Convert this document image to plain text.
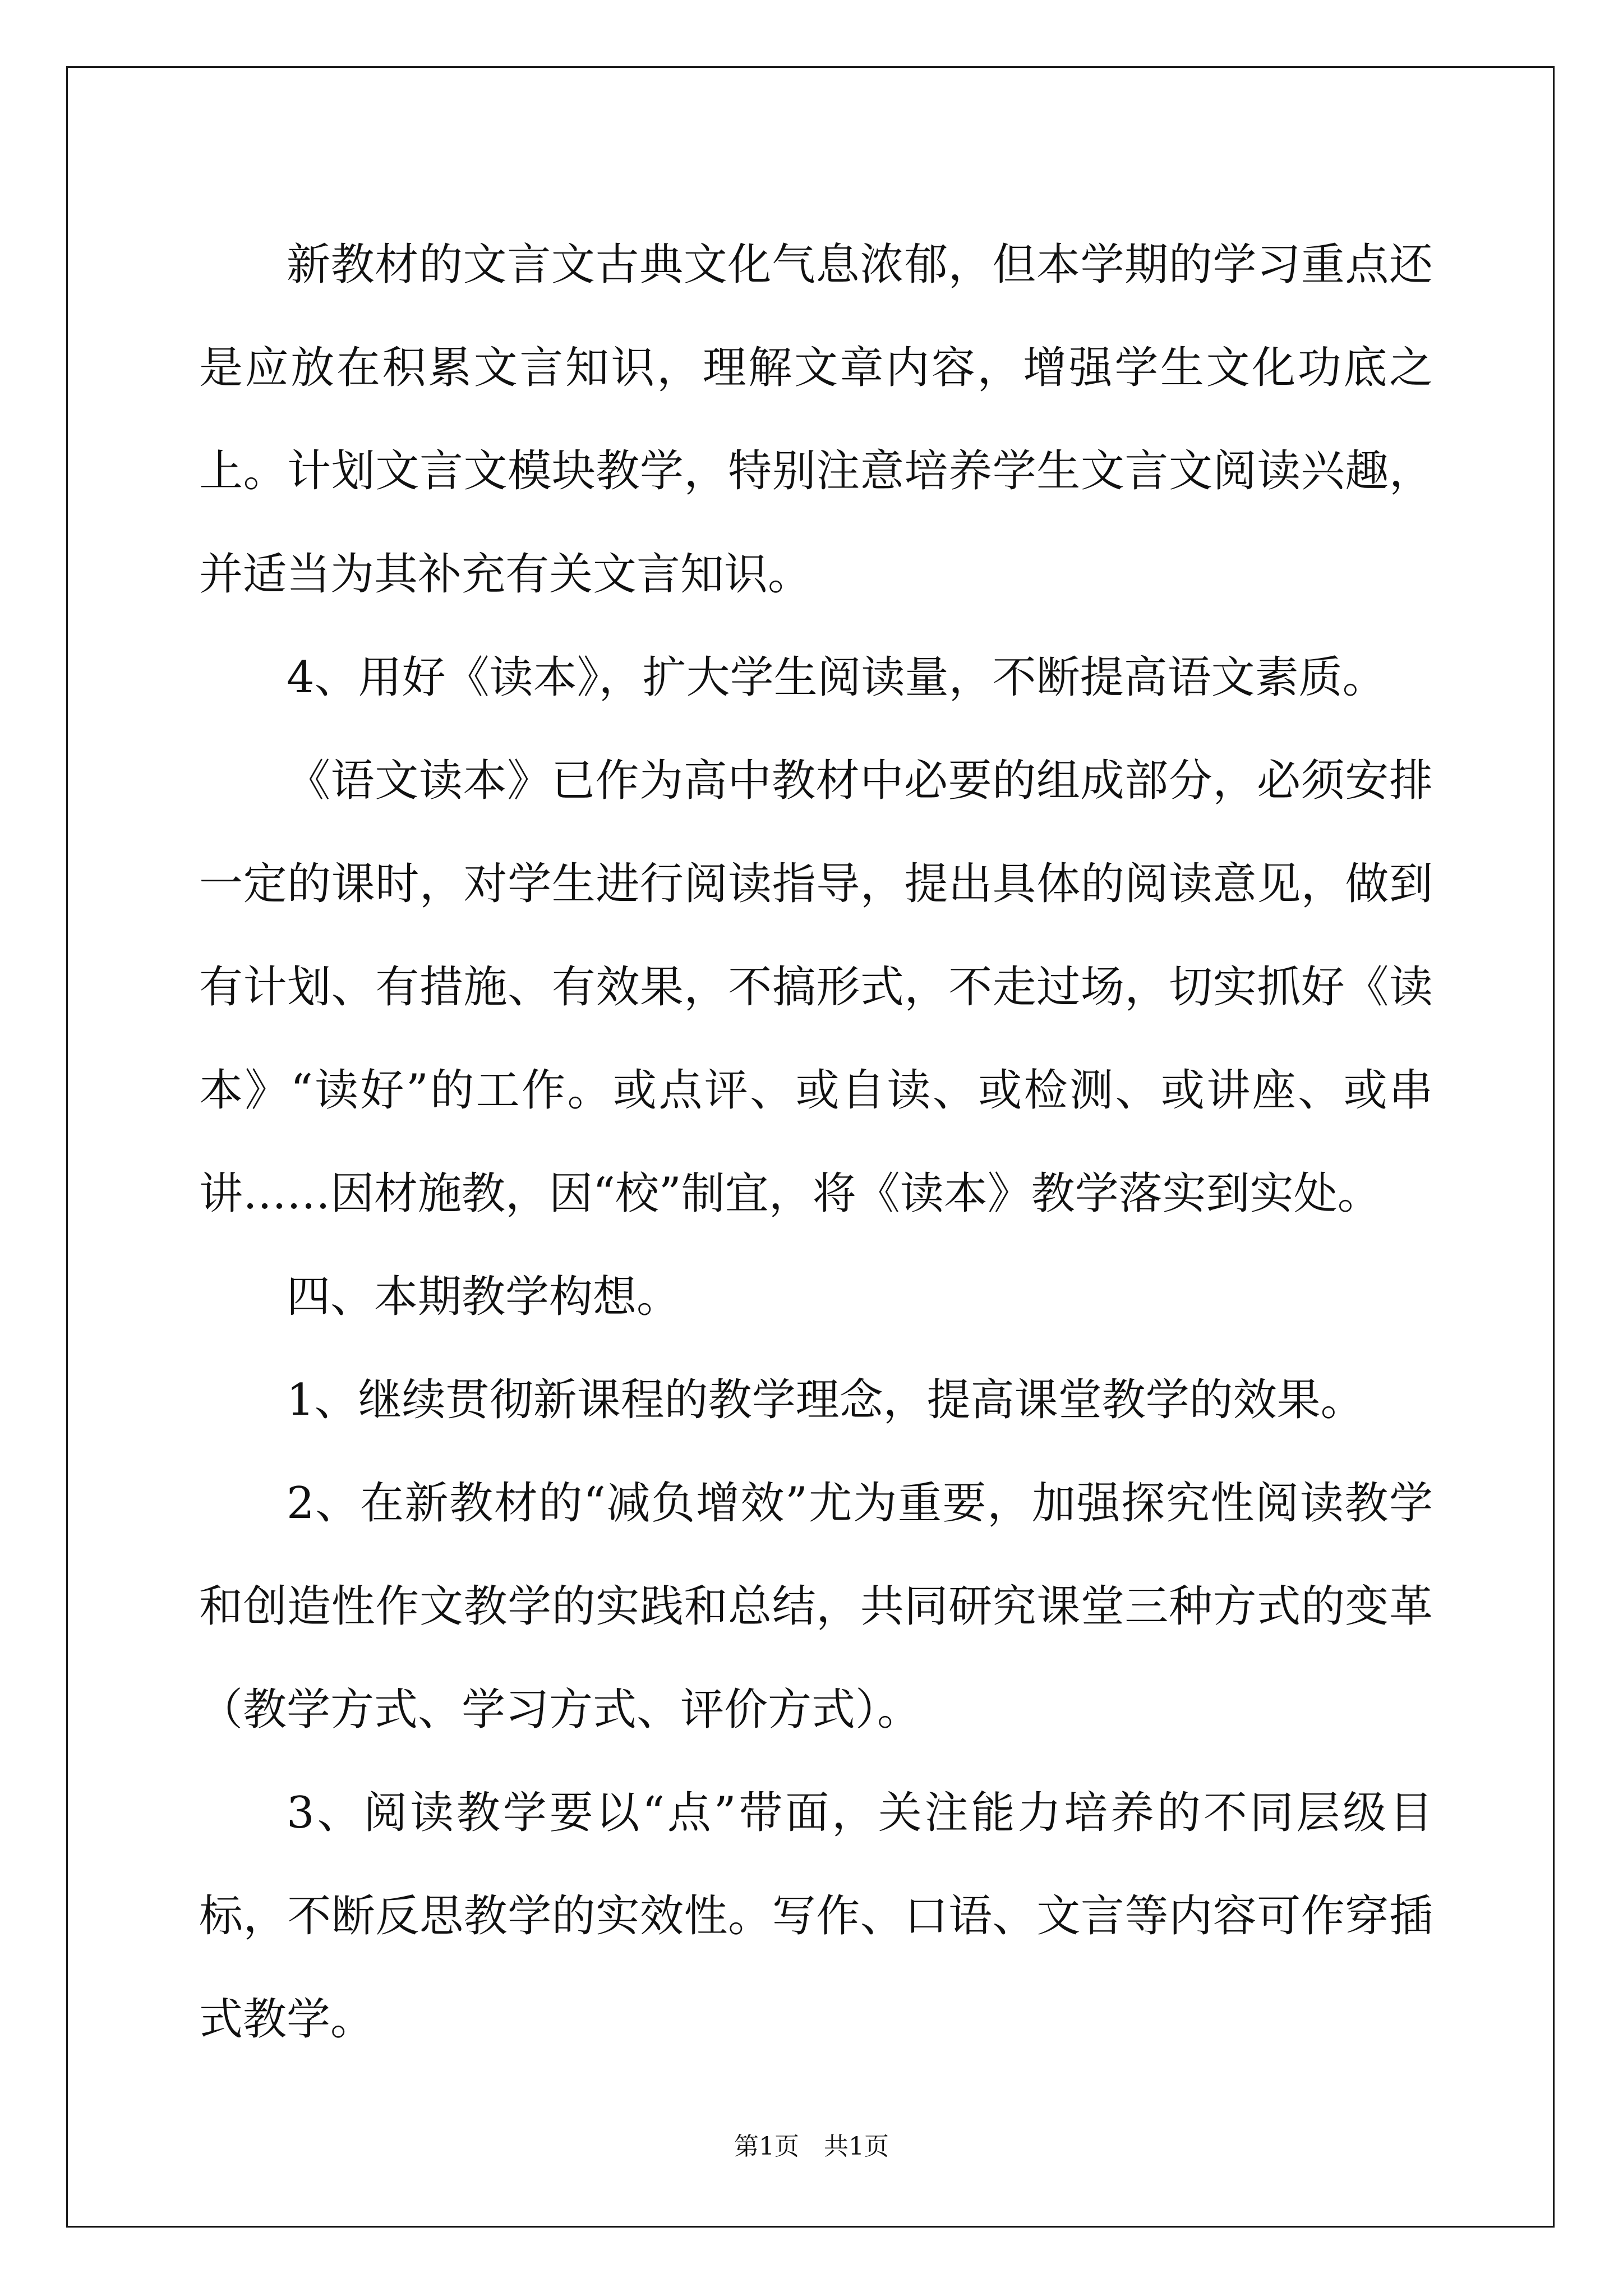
新教材的文言文古典文化气息浓郁，但本学期的学习重点还是应放在积累文言知识，理解文章内容，增强学生文化功底之上。计划文言文模块教学，特别注意培养学生文言文阅读兴趣，并适当为其补充有关文言知识。

4、用好《读本》，扩大学生阅读量，不断提高语文素质。

《语文读本》已作为高中教材中必要的组成部分，必须安排一定的课时，对学生进行阅读指导，提出具体的阅读意见，做到有计划、有措施、有效果，不搞形式，不走过场，切实抓好《读本》“读好”的工作。或点评、或自读、或检测、或讲座、或串讲……因材施教，因“校”制宜，将《读本》教学落实到实处。

四、本期教学构想。

1、继续贯彻新课程的教学理念，提高课堂教学的效果。

2、在新教材的“减负增效”尤为重要，加强探究性阅读教学和创造性作文教学的实践和总结，共同研究课堂三种方式的变革（教学方式、学习方式、评价方式）。

3、阅读教学要以“点”带面，关注能力培养的不同层级目标，不断反思教学的实效性。写作、口语、文言等内容可作穿插式教学。

第1页 共1页
